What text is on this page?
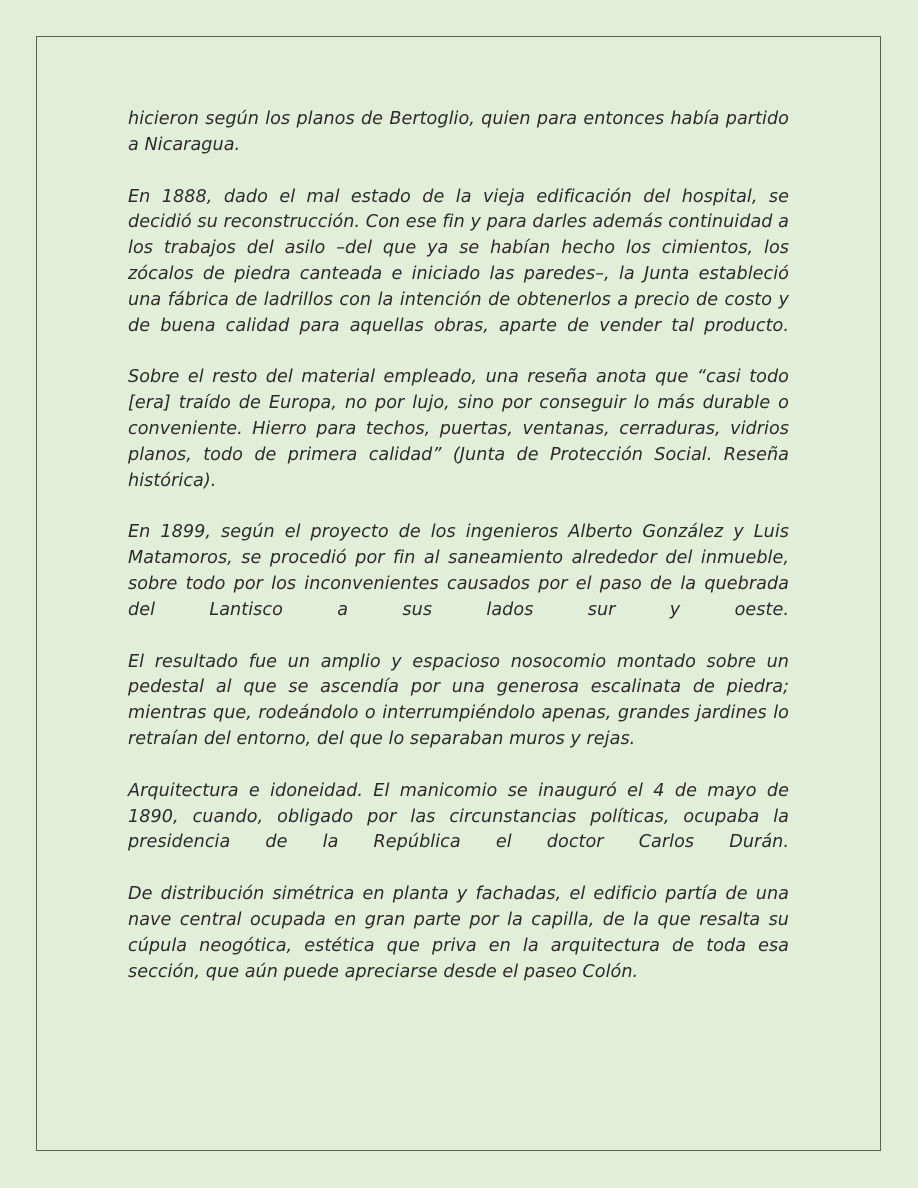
hicieron según los planos de Bertoglio, quien para entonces había partido a Nicaragua.

En 1888, dado el mal estado de la vieja edificación del hospital, se decidió su reconstrucción. Con ese fin y para darles además continuidad a los trabajos del asilo –del que ya se habían hecho los cimientos, los zócalos de piedra canteada e iniciado las paredes–, la Junta estableció una fábrica de ladrillos con la intención de obtenerlos a precio de costo y de buena calidad para aquellas obras, aparte de vender tal producto.

Sobre el resto del material empleado, una reseña anota que “casi todo [era] traído de Europa, no por lujo, sino por conseguir lo más durable o conveniente. Hierro para techos, puertas, ventanas, cerraduras, vidrios planos, todo de primera calidad” (Junta de Protección Social. Reseña histórica).

En 1899, según el proyecto de los ingenieros Alberto González y Luis Matamoros, se procedió por fin al saneamiento alrededor del inmueble, sobre todo por los inconvenientes causados por el paso de la quebrada del Lantisco a sus lados sur y oeste.

El resultado fue un amplio y espacioso nosocomio montado sobre un pedestal al que se ascendía por una generosa escalinata de piedra; mientras que, rodeándolo o interrumpiéndolo apenas, grandes jardines lo retraían del entorno, del que lo separaban muros y rejas.

Arquitectura e idoneidad. El manicomio se inauguró el 4 de mayo de 1890, cuando, obligado por las circunstancias políticas, ocupaba la presidencia de la República el doctor Carlos Durán.

De distribución simétrica en planta y fachadas, el edificio partía de una nave central ocupada en gran parte por la capilla, de la que resalta su cúpula neogótica, estética que priva en la arquitectura de toda esa sección, que aún puede apreciarse desde el paseo Colón.
